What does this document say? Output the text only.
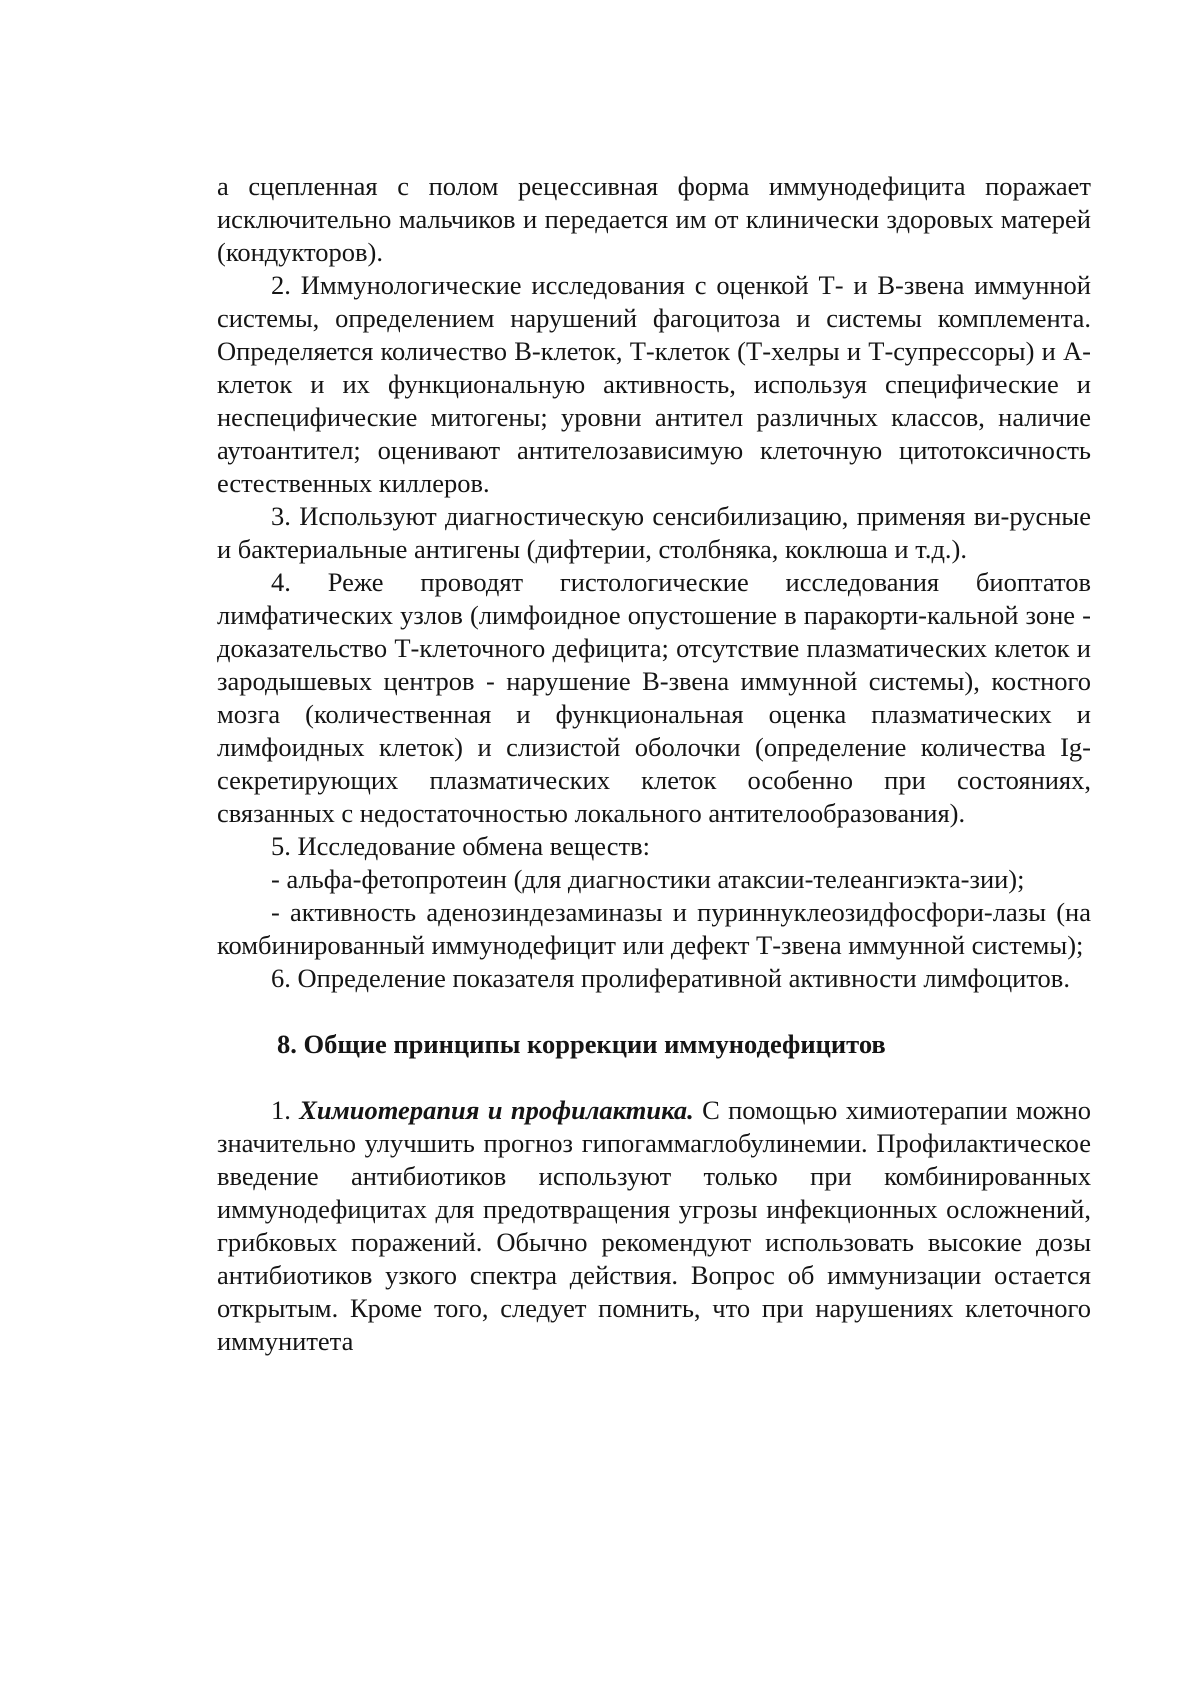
а сцепленная с полом рецессивная форма иммунодефицита поражает исключительно мальчиков и передается им от клинически здоровых матерей (кондукторов).

2. Иммунологические исследования с оценкой Т- и В-звена иммунной системы, определением нарушений фагоцитоза и системы комплемента. Определяется количество В-клеток, Т-клеток (Т-хелры и Т-супрессоры) и А-клеток и их функциональную активность, используя специфические и неспецифические митогены; уровни антител различных классов, наличие аутоантител; оценивают антителозависимую клеточную цитотоксичность естественных киллеров.

3. Используют диагностическую сенсибилизацию, применяя ви-русные и бактериальные антигены (дифтерии, столбняка, коклюша и т.д.).

4. Реже проводят гистологические исследования биоптатов лимфатических узлов (лимфоидное опустошение в паракорти-кальной зоне - доказательство Т-клеточного дефицита; отсутствие плазматических клеток и зародышевых центров - нарушение В-звена иммунной системы), костного мозга (количественная и функциональная оценка плазматических и лимфоидных клеток) и слизистой оболочки (определение количества Ig-секретирующих плазматических клеток особенно при состояниях, связанных с недостаточностью локального антителообразования).

5. Исследование обмена веществ:

- альфа-фетопротеин (для диагностики атаксии-телеангиэкта-зии);

- активность аденозиндезаминазы и пуриннуклеозидфосфори-лазы (на комбинированный иммунодефицит или дефект Т-звена иммунной системы);

6. Определение показателя пролиферативной активности лимфоцитов.

8. Общие принципы коррекции иммунодефицитов

1. Химиотерапия и профилактика. С помощью химиотерапии можно значительно улучшить прогноз гипогаммаглобулинемии. Профилактическое введение антибиотиков используют только при комбинированных иммунодефицитах для предотвращения угрозы инфекционных осложнений, грибковых поражений. Обычно рекомендуют использовать высокие дозы антибиотиков узкого спектра действия. Вопрос об иммунизации остается открытым. Кроме того, следует помнить, что при нарушениях клеточного иммунитета
